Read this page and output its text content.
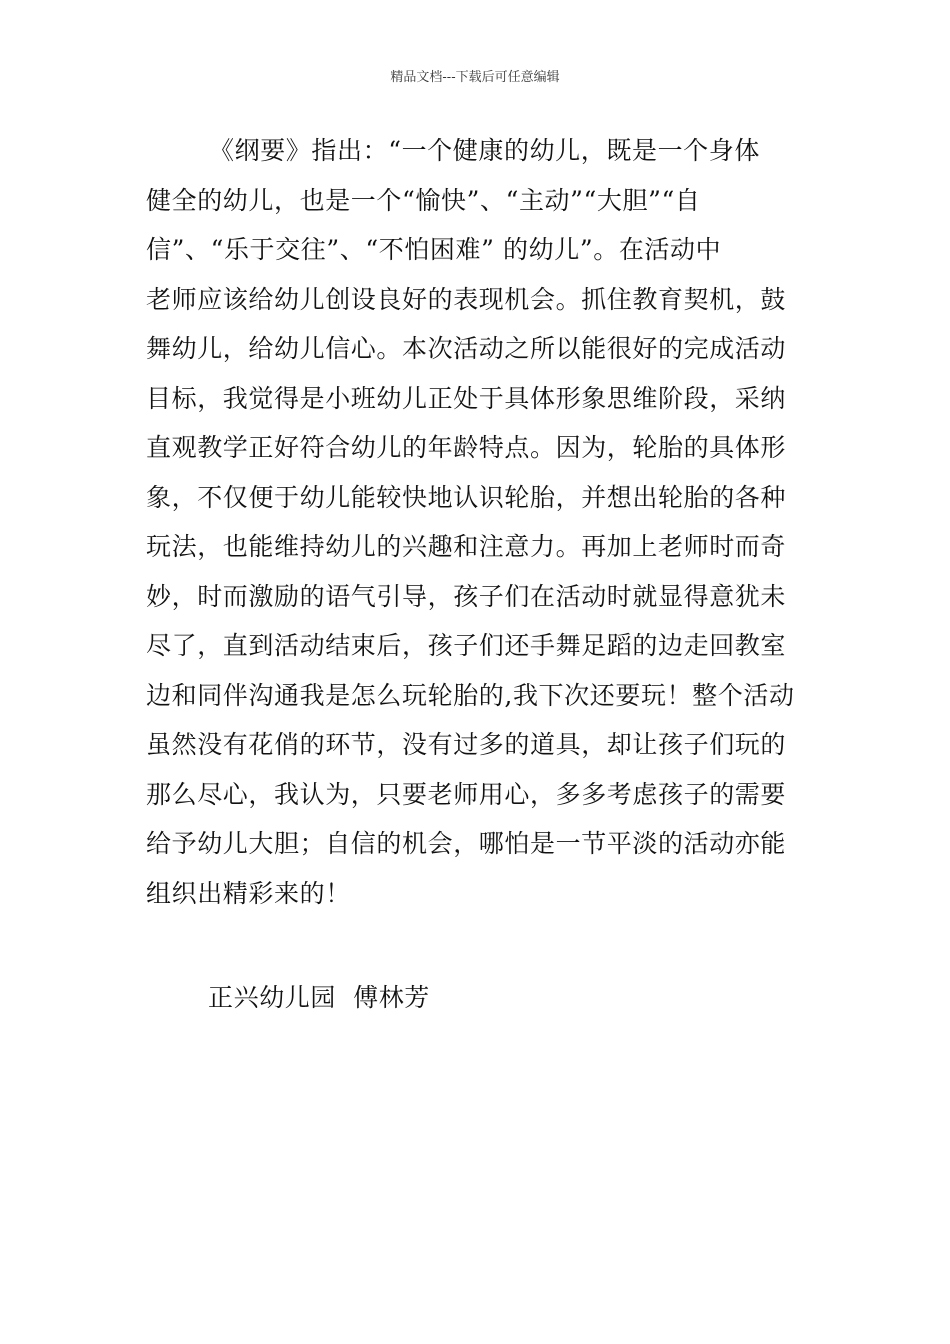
精品文档---下载后可任意编辑
《纲要》指出：“一个健康的幼儿，既是一个身体
健全的幼儿，也是一个“愉快”、“主动”“大胆”“自
信”、“乐于交往”、“不怕困难” 的幼儿”。在活动中
老师应该给幼儿创设良好的表现机会。抓住教育契机，鼓
舞幼儿，给幼儿信心。本次活动之所以能很好的完成活动
目标，我觉得是小班幼儿正处于具体形象思维阶段，采纳
直观教学正好符合幼儿的年龄特点。因为，轮胎的具体形
象，不仅便于幼儿能较快地认识轮胎，并想出轮胎的各种
玩法，也能维持幼儿的兴趣和注意力。再加上老师时而奇
妙，时而激励的语气引导，孩子们在活动时就显得意犹未
尽了，直到活动结束后，孩子们还手舞足蹈的边走回教室
边和同伴沟通我是怎么玩轮胎的,我下次还要玩！整个活动
虽然没有花俏的环节，没有过多的道具，却让孩子们玩的
那么尽心，我认为，只要老师用心，多多考虑孩子的需要
给予幼儿大胆；自信的机会，哪怕是一节平淡的活动亦能
组织出精彩来的！
正兴幼儿园  傅林芳
